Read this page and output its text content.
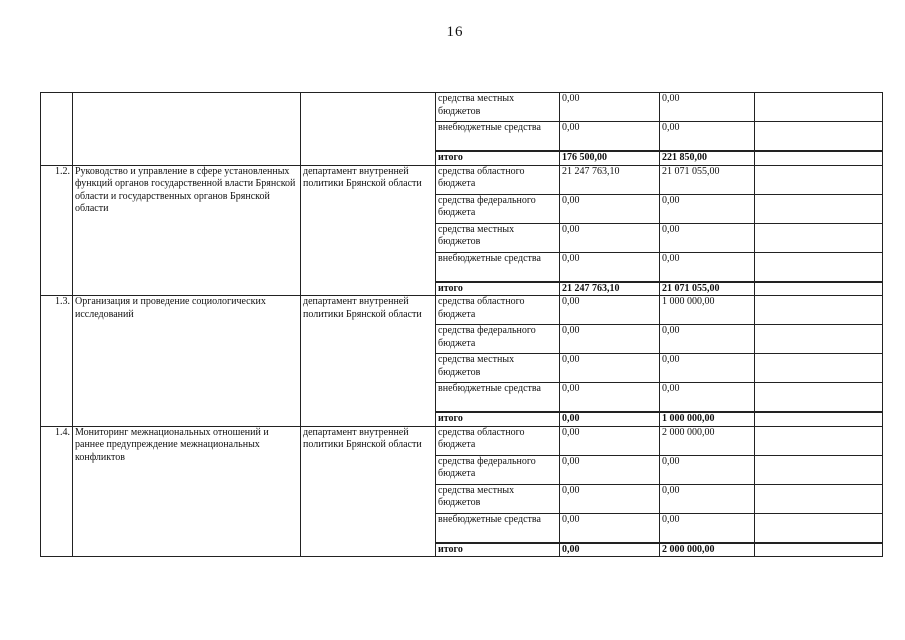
16
			средства местных бюджетов	0,00	0,00	
			внебюджетные средства	0,00	0,00	
			итого	176 500,00	221 850,00	
1.2.	Руководство и управление в сфере установленных функций органов государственной власти Брянской области и государственных органов Брянской области	департамент внутренней политики Брянской области	средства областного бюджета	21 247 763,10	21 071 055,00	
			средства федерального бюджета	0,00	0,00	
			средства местных бюджетов	0,00	0,00	
			внебюджетные средства	0,00	0,00	
			итого	21 247 763,10	21 071 055,00	
1.3.	Организация и проведение социологических исследований	департамент внутренней политики Брянской области	средства областного бюджета	0,00	1 000 000,00	
			средства федерального бюджета	0,00	0,00	
			средства местных бюджетов	0,00	0,00	
			внебюджетные средства	0,00	0,00	
			итого	0,00	1 000 000,00	
1.4.	Мониторинг межнациональных отношений и раннее предупреждение межнациональных конфликтов	департамент внутренней политики Брянской области	средства областного бюджета	0,00	2 000 000,00	
			средства федерального бюджета	0,00	0,00	
			средства местных бюджетов	0,00	0,00	
			внебюджетные средства	0,00	0,00	
			итого	0,00	2 000 000,00	
